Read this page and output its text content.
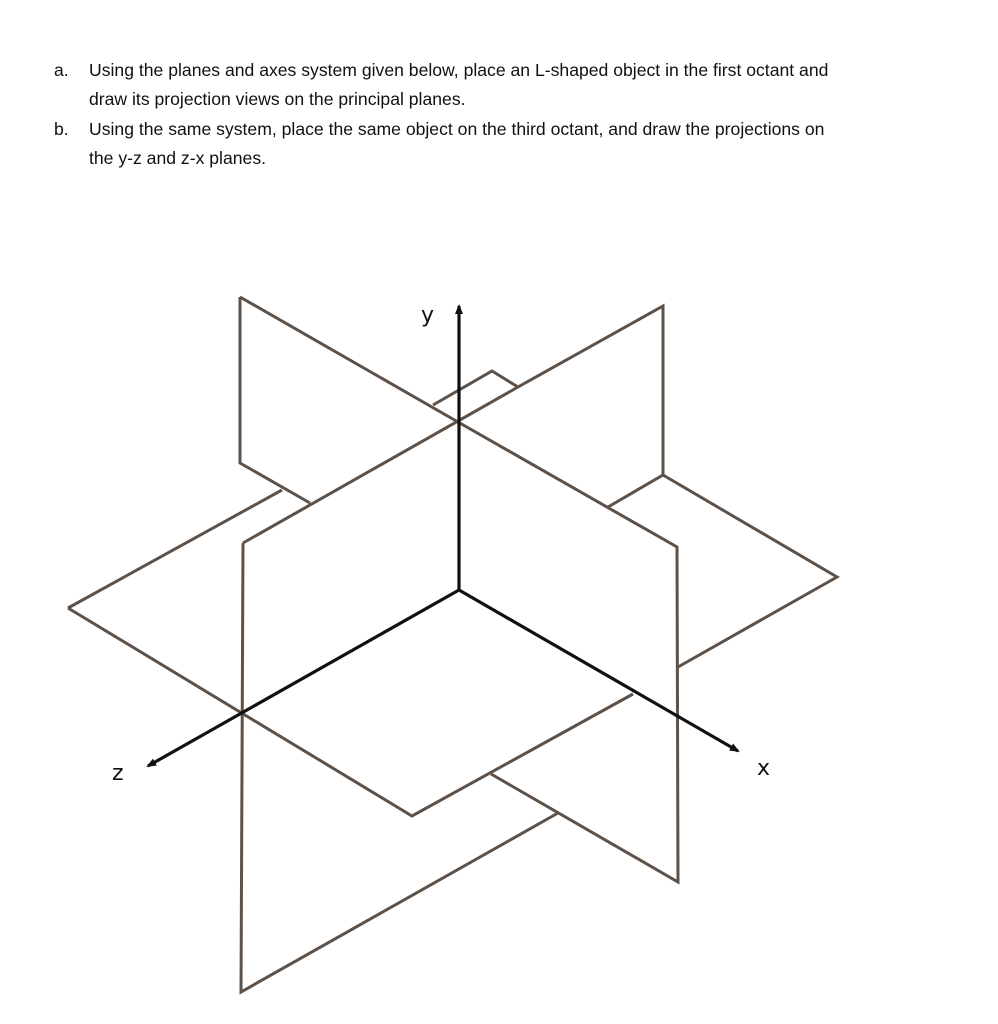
a. Using the planes and axes system given below, place an L-shaped object in the first octant and
draw its projection views on the principal planes.
b. Using the same system, place the same object on the third octant, and draw the projections on
the y-z and z-x planes.
y
z	x
